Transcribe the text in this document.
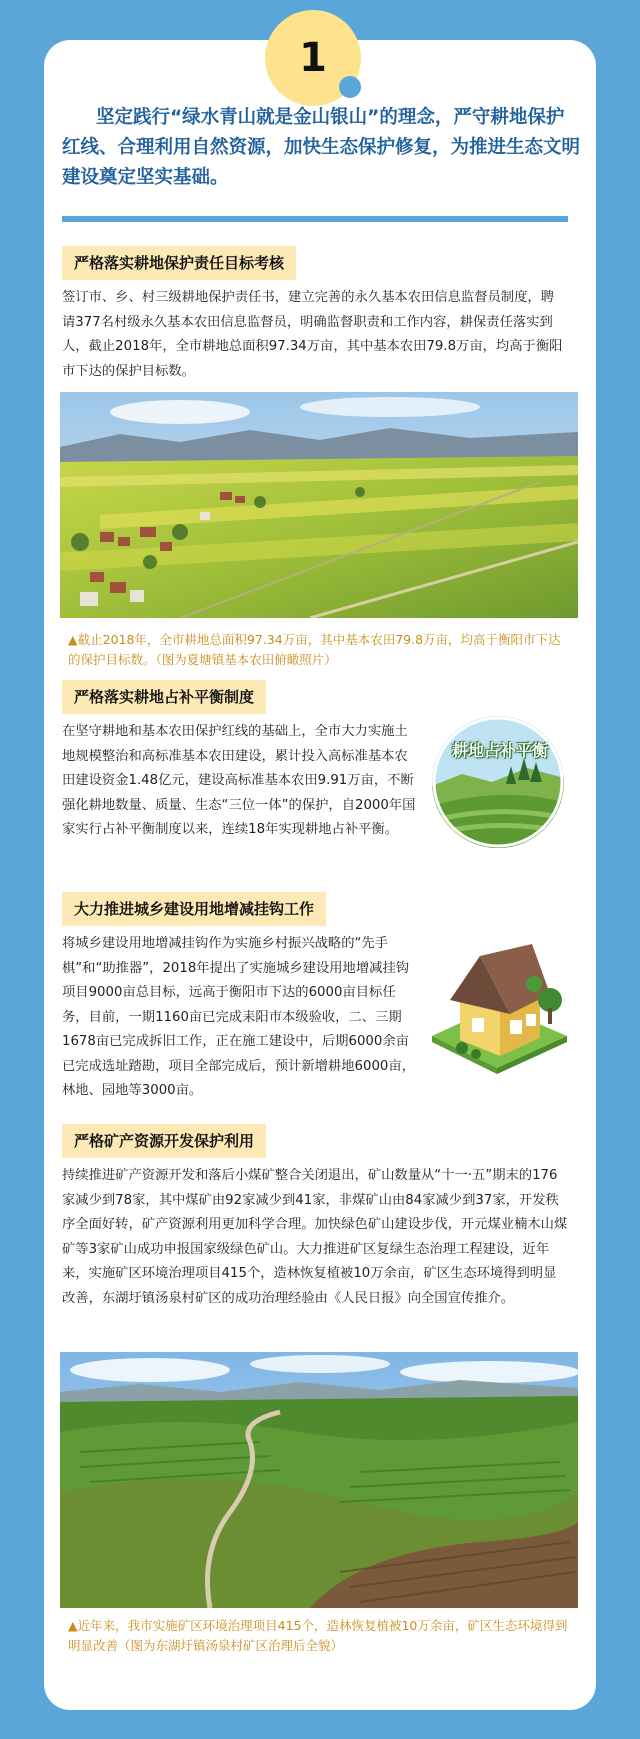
1

坚定践行“绿水青山就是金山银山”的理念，严守耕地保护红线、合理利用自然资源，加快生态保护修复，为推进生态文明建设奠定坚实基础。

严格落实耕地保护责任目标考核

签订市、乡、村三级耕地保护责任书，建立完善的永久基本农田信息监督员制度，聘请377名村级永久基本农田信息监督员，明确监督职责和工作内容，耕保责任落实到人，截止2018年，全市耕地总面积97.34万亩，其中基本农田79.8万亩，均高于衡阳市下达的保护目标数。

▲截止2018年，全市耕地总面积97.34万亩，其中基本农田79.8万亩，均高于衡阳市下达的保护目标数。（图为夏塘镇基本农田俯瞰照片）

严格落实耕地占补平衡制度

在坚守耕地和基本农田保护红线的基础上，全市大力实施土地规模整治和高标准基本农田建设，累计投入高标准基本农田建设资金1.48亿元，建设高标准基本农田9.91万亩，不断强化耕地数量、质量、生态“三位一体”的保护，自2000年国家实行占补平衡制度以来，连续18年实现耕地占补平衡。

耕地占补平衡
大力推进城乡建设用地增减挂钩工作

将城乡建设用地增减挂钩作为实施乡村振兴战略的“先手棋”和“助推器”，2018年提出了实施城乡建设用地增减挂钩项目9000亩总目标，远高于衡阳市下达的6000亩目标任务，目前，一期1160亩已完成耒阳市本级验收，二、三期1678亩已完成拆旧工作，正在施工建设中，后期6000余亩已完成选址踏勘，项目全部完成后，预计新增耕地6000亩，林地、园地等3000亩。

严格矿产资源开发保护利用

持续推进矿产资源开发和落后小煤矿整合关闭退出，矿山数量从“十一·五”期末的176家减少到78家，其中煤矿由92家减少到41家，非煤矿山由84家减少到37家，开发秩序全面好转，矿产资源利用更加科学合理。加快绿色矿山建设步伐，开元煤业楠木山煤矿等3家矿山成功申报国家级绿色矿山。大力推进矿区复绿生态治理工程建设，近年来，实施矿区环境治理项目415个，造林恢复植被10万余亩，矿区生态环境得到明显改善，东湖圩镇汤泉村矿区的成功治理经验由《人民日报》向全国宣传推介。

▲近年来，我市实施矿区环境治理项目415个，造林恢复植被10万余亩，矿区生态环境得到明显改善（图为东湖圩镇汤泉村矿区治理后全貌）
